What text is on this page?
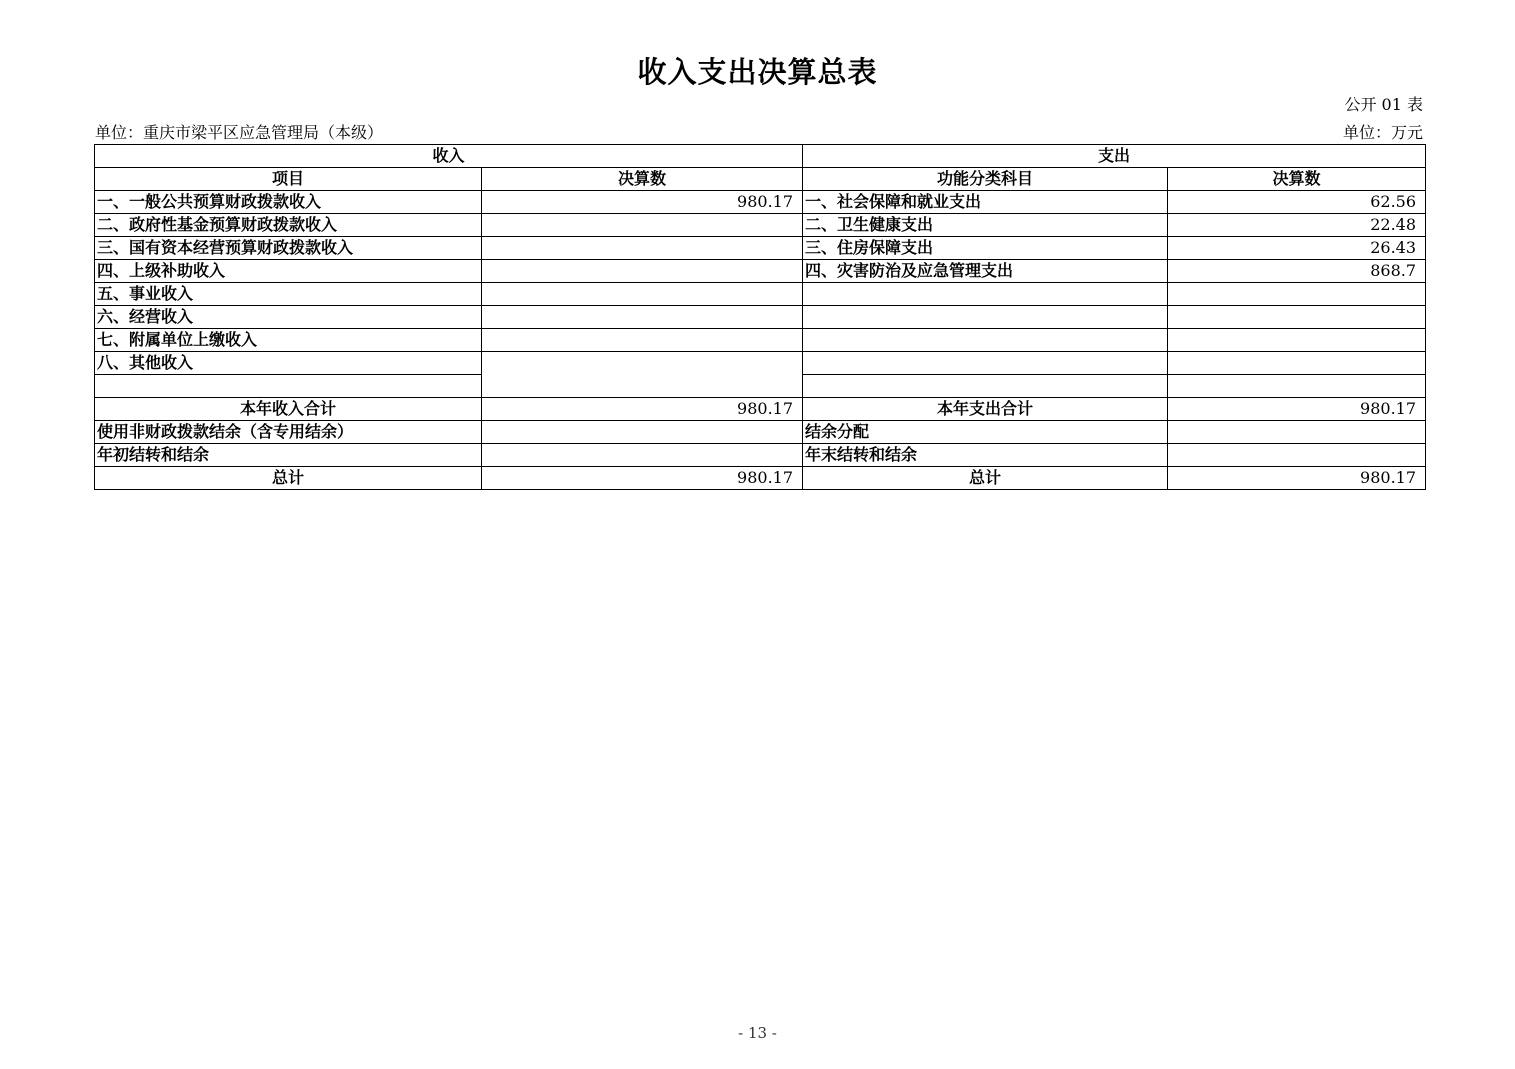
收入支出决算总表
公开 01 表
单位：重庆市梁平区应急管理局（本级）	单位：万元
收入		支出	
项目	决算数	功能分类科目	决算数
一、一般公共预算财政拨款收入	980.17	一、社会保障和就业支出	62.56
二、政府性基金预算财政拨款收入		二、卫生健康支出	22.48
三、国有资本经营预算财政拨款收入		三、住房保障支出	26.43
四、上级补助收入		四、灾害防治及应急管理支出	868.7
五、事业收入			
六、经营收入			
七、附属单位上缴收入			
八、其他收入			

本年收入合计	980.17	本年支出合计	980.17
使用非财政拨款结余（含专用结余）		结余分配	
年初结转和结余		年末结转和结余	
总计	980.17	总计	980.17
- 13 -
